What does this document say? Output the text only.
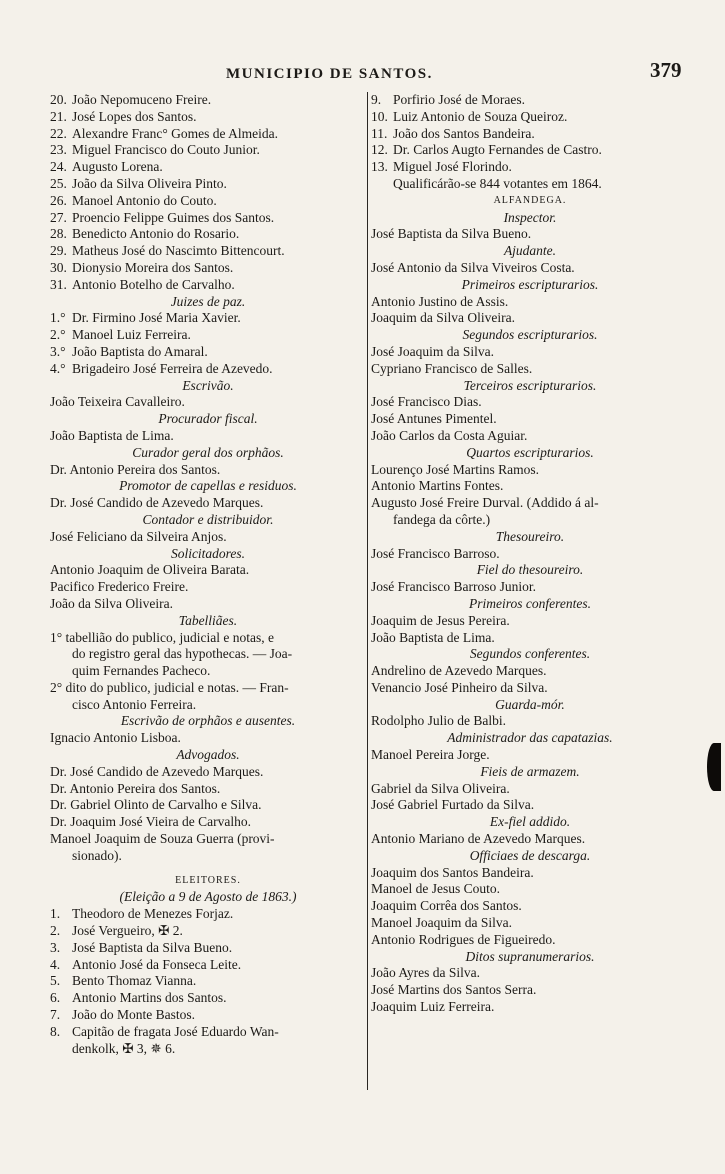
MUNICIPIO DE SANTOS.	379
20. João Nepomuceno Freire.
21. José Lopes dos Santos.
22. Alexandre Franc° Gomes de Almeida.
23. Miguel Francisco do Couto Junior.
24. Augusto Lorena.
25. João da Silva Oliveira Pinto.
26. Manoel Antonio do Couto.
27. Proencio Felippe Guimes dos Santos.
28. Benedicto Antonio do Rosario.
29. Matheus José do Nascimto Bittencourt.
30. Dionysio Moreira dos Santos.
31. Antonio Botelho de Carvalho.
Juizes de paz.
1.° Dr. Firmino José Maria Xavier.
2.° Manoel Luiz Ferreira.
3.° João Baptista do Amaral.
4.° Brigadeiro José Ferreira de Azevedo.
Escrivão.
João Teixeira Cavalleiro.
Procurador fiscal.
João Baptista de Lima.
Curador geral dos orphãos.
Dr. Antonio Pereira dos Santos.
Promotor de capellas e residuos.
Dr. José Candido de Azevedo Marques.
Contador e distribuidor.
José Feliciano da Silveira Anjos.
Solicitadores.
Antonio Joaquim de Oliveira Barata.
Pacifico Frederico Freire.
João da Silva Oliveira.
Tabelliães.
1° tabellião do publico, judicial e notas, e
do registro geral das hypothecas. — Joa-
quim Fernandes Pacheco.
2° dito do publico, judicial e notas. — Fran-
cisco Antonio Ferreira.
Escrivão de orphãos e ausentes.
Ignacio Antonio Lisboa.
Advogados.
Dr. José Candido de Azevedo Marques.
Dr. Antonio Pereira dos Santos.
Dr. Gabriel Olinto de Carvalho e Silva.
Dr. Joaquim José Vieira de Carvalho.
Manoel Joaquim de Souza Guerra (provi-
sionado).
ELEITORES.
(Eleição a 9 de Agosto de 1863.)
1. Theodoro de Menezes Forjaz.
2. José Vergueiro, ✠ 2.
3. José Baptista da Silva Bueno.
4. Antonio José da Fonseca Leite.
5. Bento Thomaz Vianna.
6. Antonio Martins dos Santos.
7. João do Monte Bastos.
8. Capitão de fragata José Eduardo Wan-
denkolk, ✠ 3, ✵ 6.
9. Porfirio José de Moraes.
10. Luiz Antonio de Souza Queiroz.
11. João dos Santos Bandeira.
12. Dr. Carlos Augto Fernandes de Castro.
13. Miguel José Florindo.
Qualificárão-se 844 votantes em 1864.
ALFANDEGA.
Inspector.
José Baptista da Silva Bueno.
Ajudante.
José Antonio da Silva Viveiros Costa.
Primeiros escripturarios.
Antonio Justino de Assis.
Joaquim da Silva Oliveira.
Segundos escripturarios.
José Joaquim da Silva.
Cypriano Francisco de Salles.
Terceiros escripturarios.
José Francisco Dias.
José Antunes Pimentel.
João Carlos da Costa Aguiar.
Quartos escripturarios.
Lourenço José Martins Ramos.
Antonio Martins Fontes.
Augusto José Freire Durval. (Addido á al-
fandega da côrte.)
Thesoureiro.
José Francisco Barroso.
Fiel do thesoureiro.
José Francisco Barroso Junior.
Primeiros conferentes.
Joaquim de Jesus Pereira.
João Baptista de Lima.
Segundos conferentes.
Andrelino de Azevedo Marques.
Venancio José Pinheiro da Silva.
Guarda-mór.
Rodolpho Julio de Balbi.
Administrador das capatazias.
Manoel Pereira Jorge.
Fieis de armazem.
Gabriel da Silva Oliveira.
José Gabriel Furtado da Silva.
Ex-fiel addido.
Antonio Mariano de Azevedo Marques.
Officiaes de descarga.
Joaquim dos Santos Bandeira.
Manoel de Jesus Couto.
Joaquim Corrêa dos Santos.
Manoel Joaquim da Silva.
Antonio Rodrigues de Figueiredo.
Ditos supranumerarios.
João Ayres da Silva.
José Martins dos Santos Serra.
Joaquim Luiz Ferreira.
